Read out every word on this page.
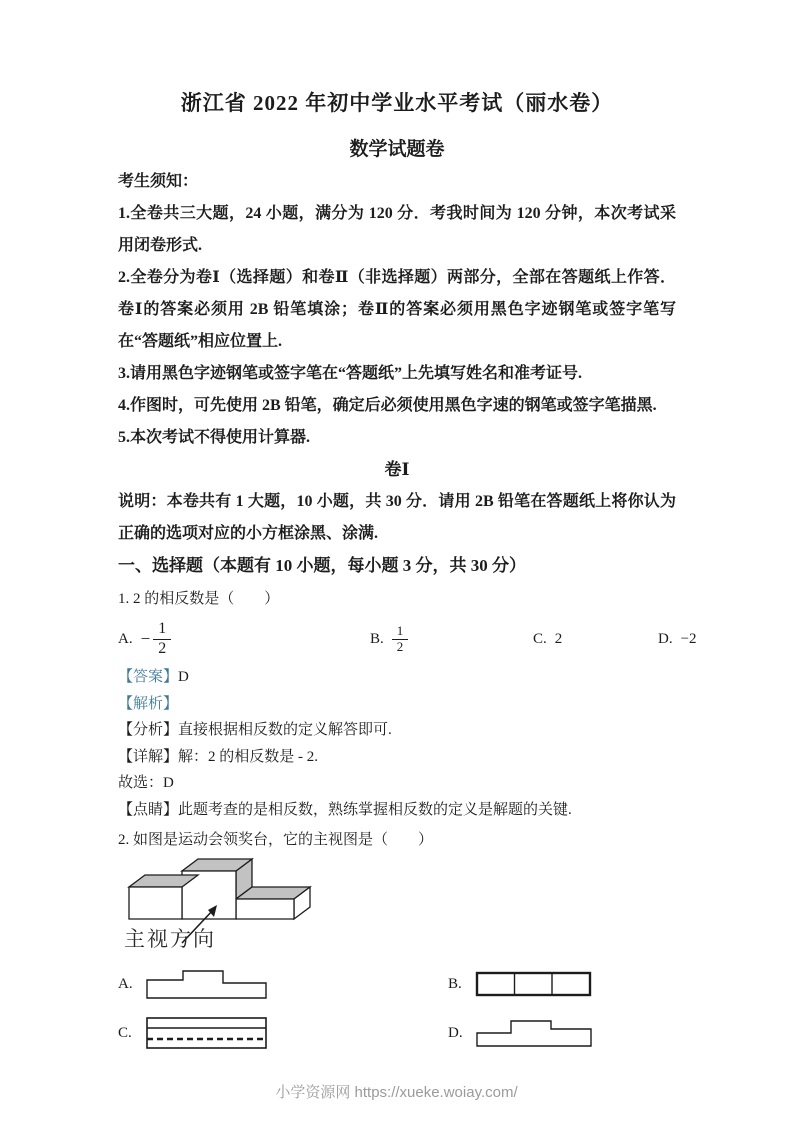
浙江省 2022 年初中学业水平考试（丽水卷）
数学试题卷
考生须知：

1.全卷共三大题，24 小题，满分为 120 分．考我时间为 120 分钟，本次考试采用闭卷形式.

2.全卷分为卷Ⅰ（选择题）和卷Ⅱ（非选择题）两部分，全部在答题纸上作答．卷Ⅰ的答案必须用 2B 铅笔填涂；卷Ⅱ的答案必须用黑色字迹钢笔或签字笔写在“答题纸”相应位置上.

3.请用黑色字迹钢笔或签字笔在“答题纸”上先填写姓名和准考证号.

4.作图时，可先使用 2B 铅笔，确定后必须使用黑色字速的钢笔或签字笔描黑.

5.本次考试不得使用计算器.

卷Ⅰ

说明：本卷共有 1 大题，10 小题，共 30 分．请用 2B 铅笔在答题纸上将你认为正确的选项对应的小方框涂黑、涂满.

一、选择题（本题有 10 小题，每小题 3 分，共 30 分）

1. 2 的相反数是（　　）

A. − $\frac{1}{2}$	B. $\frac{1}{2}$	C. 2	D. −2

【答案】D

【解析】

【分析】直接根据相反数的定义解答即可.

【详解】解：2 的相反数是 - 2.

故选：D

【点睛】此题考查的是相反数，熟练掌握相反数的定义是解题的关键.

2. 如图是运动会领奖台，它的主视图是（　　）

主视方向
A.	B.
C.	D.
小学资源网 https://xueke.woiay.com/
